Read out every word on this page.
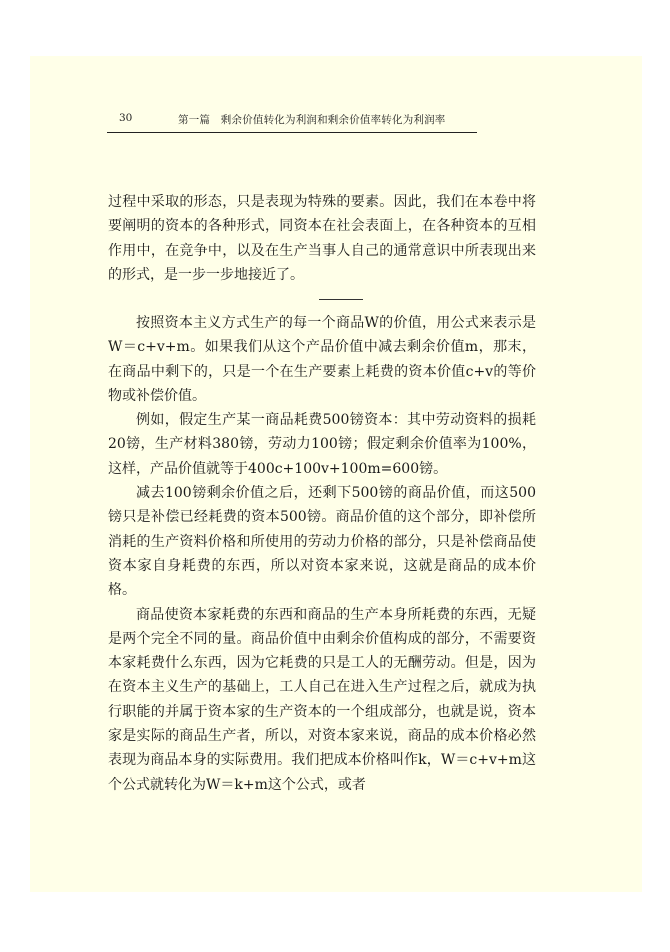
30	第一篇　剩余价值转化为利润和剩余价值率转化为利润率

过程中采取的形态，只是表现为特殊的要素。因此，我们在本卷中将要阐明的资本的各种形式，同资本在社会表面上，在各种资本的互相作用中，在竞争中，以及在生产当事人自己的通常意识中所表现出来的形式，是一步一步地接近了。

按照资本主义方式生产的每一个商品W的价值，用公式来表示是W＝c+v+m。如果我们从这个产品价值中减去剩余价值m，那末，在商品中剩下的，只是一个在生产要素上耗费的资本价值c+v的等价物或补偿价值。

例如，假定生产某一商品耗费500镑资本：其中劳动资料的损耗20镑，生产材料380镑，劳动力100镑；假定剩余价值率为100%，这样，产品价值就等于400c+100v+100m=600镑。

减去100镑剩余价值之后，还剩下500镑的商品价值，而这500镑只是补偿已经耗费的资本500镑。商品价值的这个部分，即补偿所消耗的生产资料价格和所使用的劳动力价格的部分，只是补偿商品使资本家自身耗费的东西，所以对资本家来说，这就是商品的成本价格。

商品使资本家耗费的东西和商品的生产本身所耗费的东西，无疑是两个完全不同的量。商品价值中由剩余价值构成的部分，不需要资本家耗费什么东西，因为它耗费的只是工人的无酬劳动。但是，因为在资本主义生产的基础上，工人自己在进入生产过程之后，就成为执行职能的并属于资本家的生产资本的一个组成部分，也就是说，资本家是实际的商品生产者，所以，对资本家来说，商品的成本价格必然表现为商品本身的实际费用。我们把成本价格叫作k，W＝c+v+m这个公式就转化为W＝k+m这个公式，或者
